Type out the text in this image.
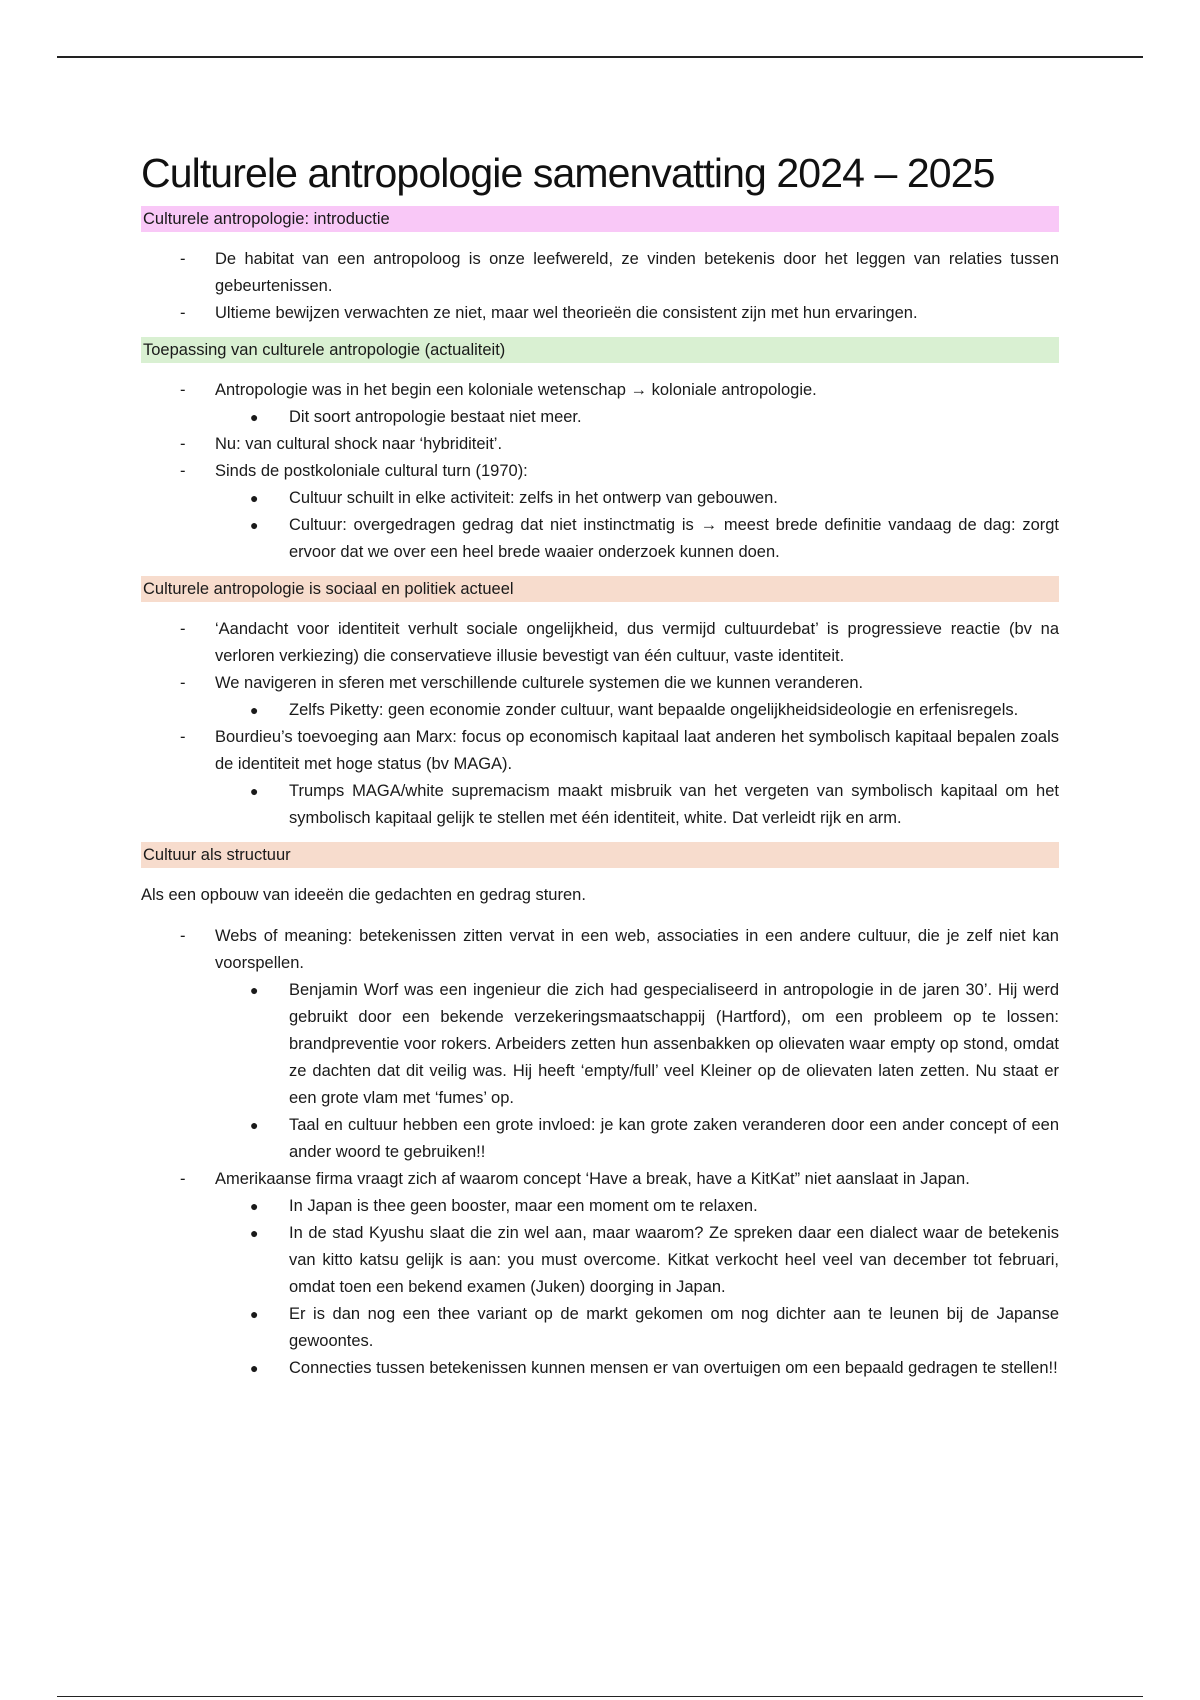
Culturele antropologie samenvatting 2024 – 2025
Culturele antropologie: introductie
- De habitat van een antropoloog is onze leefwereld, ze vinden betekenis door het leggen van relaties tussen gebeurtenissen.
- Ultieme bewijzen verwachten ze niet, maar wel theorieën die consistent zijn met hun ervaringen.
Toepassing van culturele antropologie (actualiteit)
- Antropologie was in het begin een koloniale wetenschap → koloniale antropologie.
● Dit soort antropologie bestaat niet meer.
- Nu: van cultural shock naar ‘hybriditeit’.
- Sinds de postkoloniale cultural turn (1970):
● Cultuur schuilt in elke activiteit: zelfs in het ontwerp van gebouwen.
● Cultuur: overgedragen gedrag dat niet instinctmatig is → meest brede definitie vandaag de dag: zorgt ervoor dat we over een heel brede waaier onderzoek kunnen doen.
Culturele antropologie is sociaal en politiek actueel
- ‘Aandacht voor identiteit verhult sociale ongelijkheid, dus vermijd cultuurdebat’ is progressieve reactie (bv na verloren verkiezing) die conservatieve illusie bevestigt van één cultuur, vaste identiteit.
- We navigeren in sferen met verschillende culturele systemen die we kunnen veranderen.
● Zelfs Piketty: geen economie zonder cultuur, want bepaalde ongelijkheidsideologie en erfenisregels.
- Bourdieu’s toevoeging aan Marx: focus op economisch kapitaal laat anderen het symbolisch kapitaal bepalen zoals de identiteit met hoge status (bv MAGA).
● Trumps MAGA/white supremacism maakt misbruik van het vergeten van symbolisch kapitaal om het symbolisch kapitaal gelijk te stellen met één identiteit, white. Dat verleidt rijk en arm.
Cultuur als structuur

Als een opbouw van ideeën die gedachten en gedrag sturen.

- Webs of meaning: betekenissen zitten vervat in een web, associaties in een andere cultuur, die je zelf niet kan voorspellen.
● Benjamin Worf was een ingenieur die zich had gespecialiseerd in antropologie in de jaren 30’. Hij werd gebruikt door een bekende verzekeringsmaatschappij (Hartford), om een probleem op te lossen: brandpreventie voor rokers. Arbeiders zetten hun assenbakken op olievaten waar empty op stond, omdat ze dachten dat dit veilig was. Hij heeft ‘empty/full’ veel Kleiner op de olievaten laten zetten. Nu staat er een grote vlam met ‘fumes’ op.
● Taal en cultuur hebben een grote invloed: je kan grote zaken veranderen door een ander concept of een ander woord te gebruiken!!
- Amerikaanse firma vraagt zich af waarom concept ‘Have a break, have a KitKat” niet aanslaat in Japan.
● In Japan is thee geen booster, maar een moment om te relaxen.
● In de stad Kyushu slaat die zin wel aan, maar waarom? Ze spreken daar een dialect waar de betekenis van kitto katsu gelijk is aan: you must overcome. Kitkat verkocht heel veel van december tot februari, omdat toen een bekend examen (Juken) doorging in Japan.
● Er is dan nog een thee variant op de markt gekomen om nog dichter aan te leunen bij de Japanse gewoontes.
● Connecties tussen betekenissen kunnen mensen er van overtuigen om een bepaald gedragen te stellen!!
